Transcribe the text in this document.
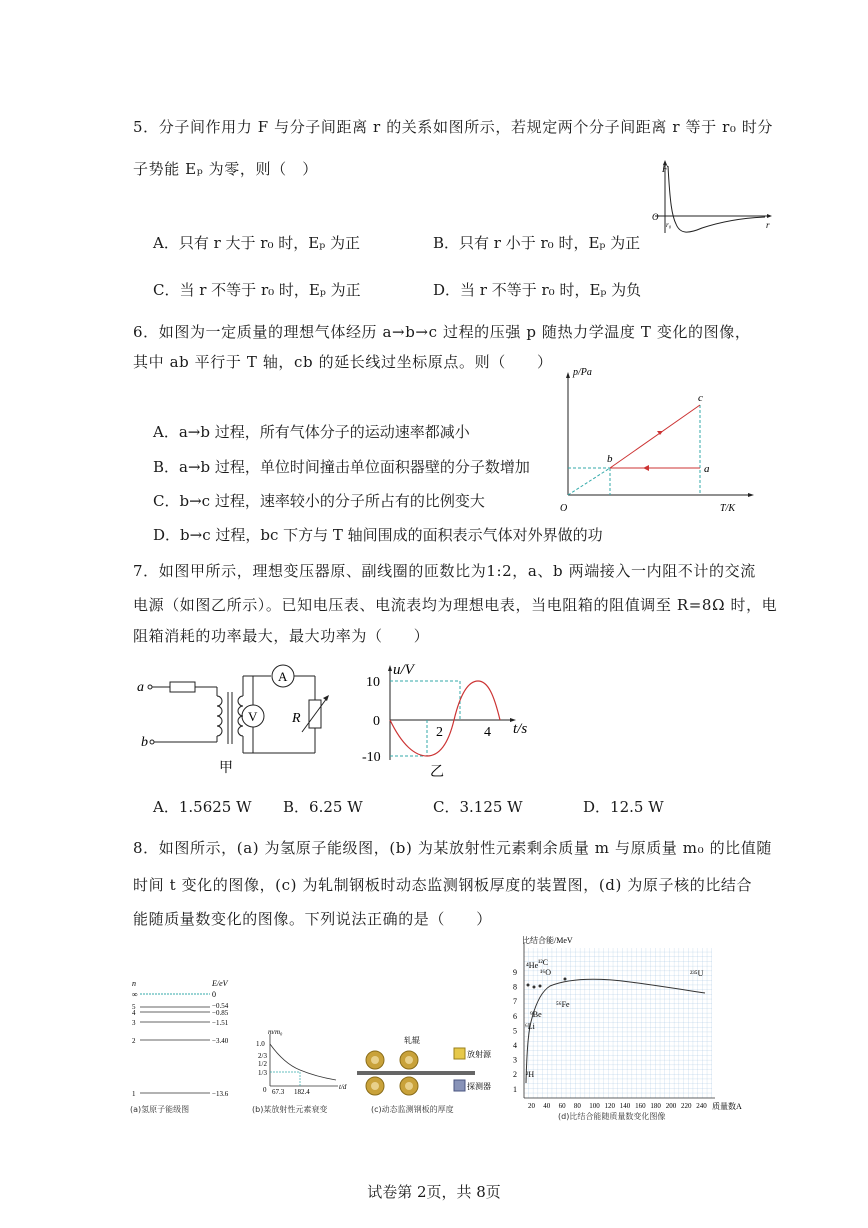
5．分子间作用力 F 与分子间距离 r 的关系如图所示，若规定两个分子间距离 r 等于 r₀ 时分
子势能 Eₚ 为零，则（　）
A．只有 r 大于 r₀ 时，Eₚ 为正	B．只有 r 小于 r₀ 时，Eₚ 为正
C．当 r 不等于 r₀ 时，Eₚ 为正	D．当 r 不等于 r₀ 时，Eₚ 为负
F
r
O
r₀
6．如图为一定质量的理想气体经历 a→b→c 过程的压强 p 随热力学温度 T 变化的图像，
其中 ab 平行于 T 轴，cb 的延长线过坐标原点。则（　　）
A．a→b 过程，所有气体分子的运动速率都减小
B．a→b 过程，单位时间撞击单位面积器壁的分子数增加
C．b→c 过程，速率较小的分子所占有的比例变大
D．b→c 过程，bc 下方与 T 轴间围成的面积表示气体对外界做的功
p/Pa
T/K
O
a
b
c
7．如图甲所示，理想变压器原、副线圈的匝数比为1:2，a、b 两端接入一内阻不计的交流
电源（如图乙所示）。已知电压表、电流表均为理想电表，当电阻箱的阻值调至 R=8Ω 时，电
阻箱消耗的功率最大，最大功率为（　　）
a
b
A
R
V
甲
u/V
t/s
10
0
-10
2	4
乙
A．1.5625 W B．6.25 W	C．3.125 W	D．12.5 W
8．如图所示，(a) 为氢原子能级图，(b) 为某放射性元素剩余质量 m 与原质量 m₀ 的比值随
时间 t 变化的图像，(c) 为轧制钢板时动态监测钢板厚度的装置图，(d) 为原子核的比结合
能随质量数变化的图像。下列说法正确的是（　　）
n	E/eV
∞	0
5	−0.54
4	−0.85
3	−1.51
2	−3.40
1	−13.6
(a)氢原子能级图
m/m₀
t/d
1.0
2/3
1/2
1/3
0 67.3 182.4
(b)某放射性元素衰变
轧辊
放射源
探测器
(c)动态监测钢板的厚度
比结合能/MeV
质量数A
9
8
7
6
5
4
3
2
1
20 40 60 80 100 120 140 160 180 200 220 240
⁴He ¹²C
¹⁶O
⁶Li
⁹Be
⁵⁶Fe
²³⁵U
²H
(d)比结合能随质量数变化图像
试卷第 2页，共 8页
